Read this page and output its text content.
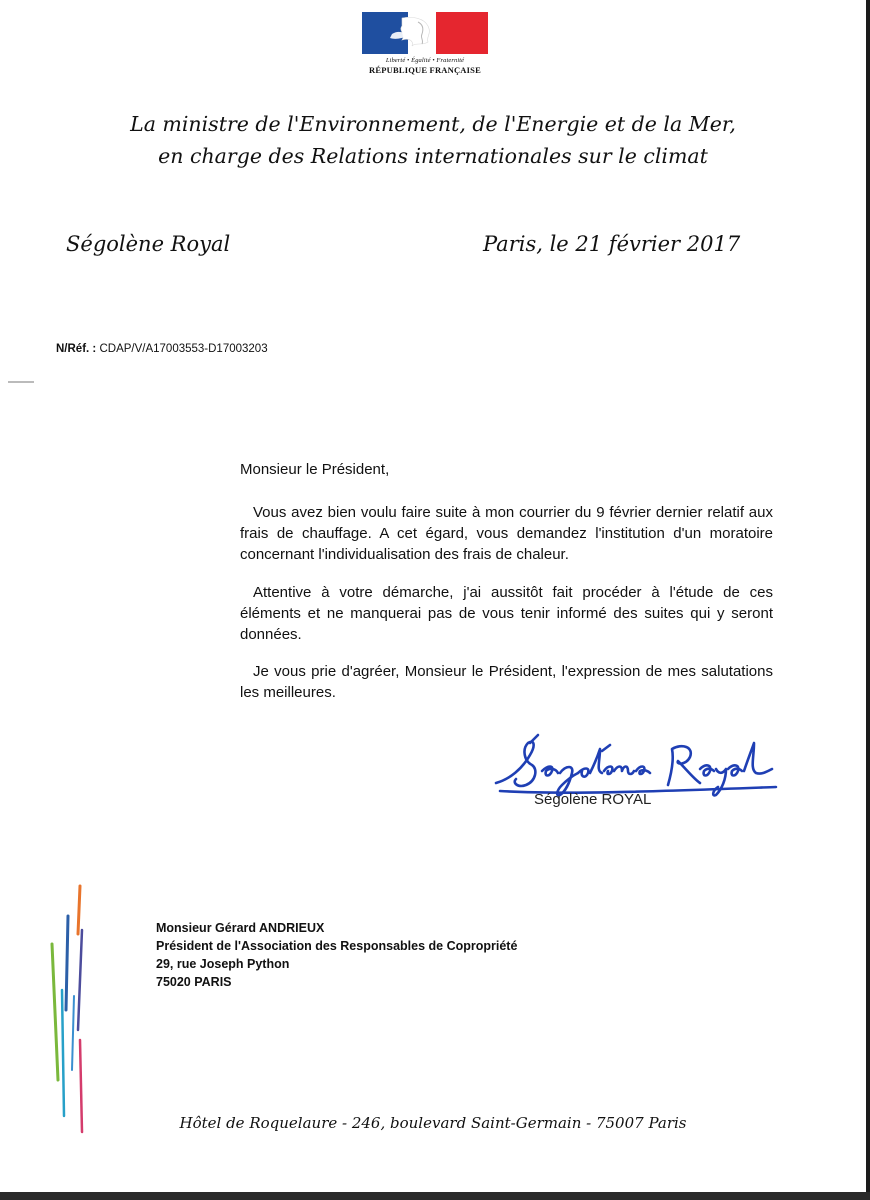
Liberté • Égalité • Fraternité
RÉPUBLIQUE FRANÇAISE
La ministre de l'Environnement, de l'Energie et de la Mer,
en charge des Relations internationales sur le climat
Ségolène Royal	Paris, le 21 février 2017
N/Réf. : CDAP/V/A17003553-D17003203
Monsieur le Président,
Vous avez bien voulu faire suite à mon courrier du 9 février dernier relatif aux frais de chauffage. A cet égard, vous demandez l'institution d'un moratoire concernant l'individualisation des frais de chaleur.
Attentive à votre démarche, j'ai aussitôt fait procéder à l'étude de ces éléments et ne manquerai pas de vous tenir informé des suites qui y seront données.
Je vous prie d'agréer, Monsieur le Président, l'expression de mes salutations les meilleures.
Ségolène ROYAL
Monsieur Gérard ANDRIEUX
Président de l'Association des Responsables de Copropriété
29, rue Joseph Python
75020 PARIS
Hôtel de Roquelaure - 246, boulevard Saint-Germain - 75007 Paris
